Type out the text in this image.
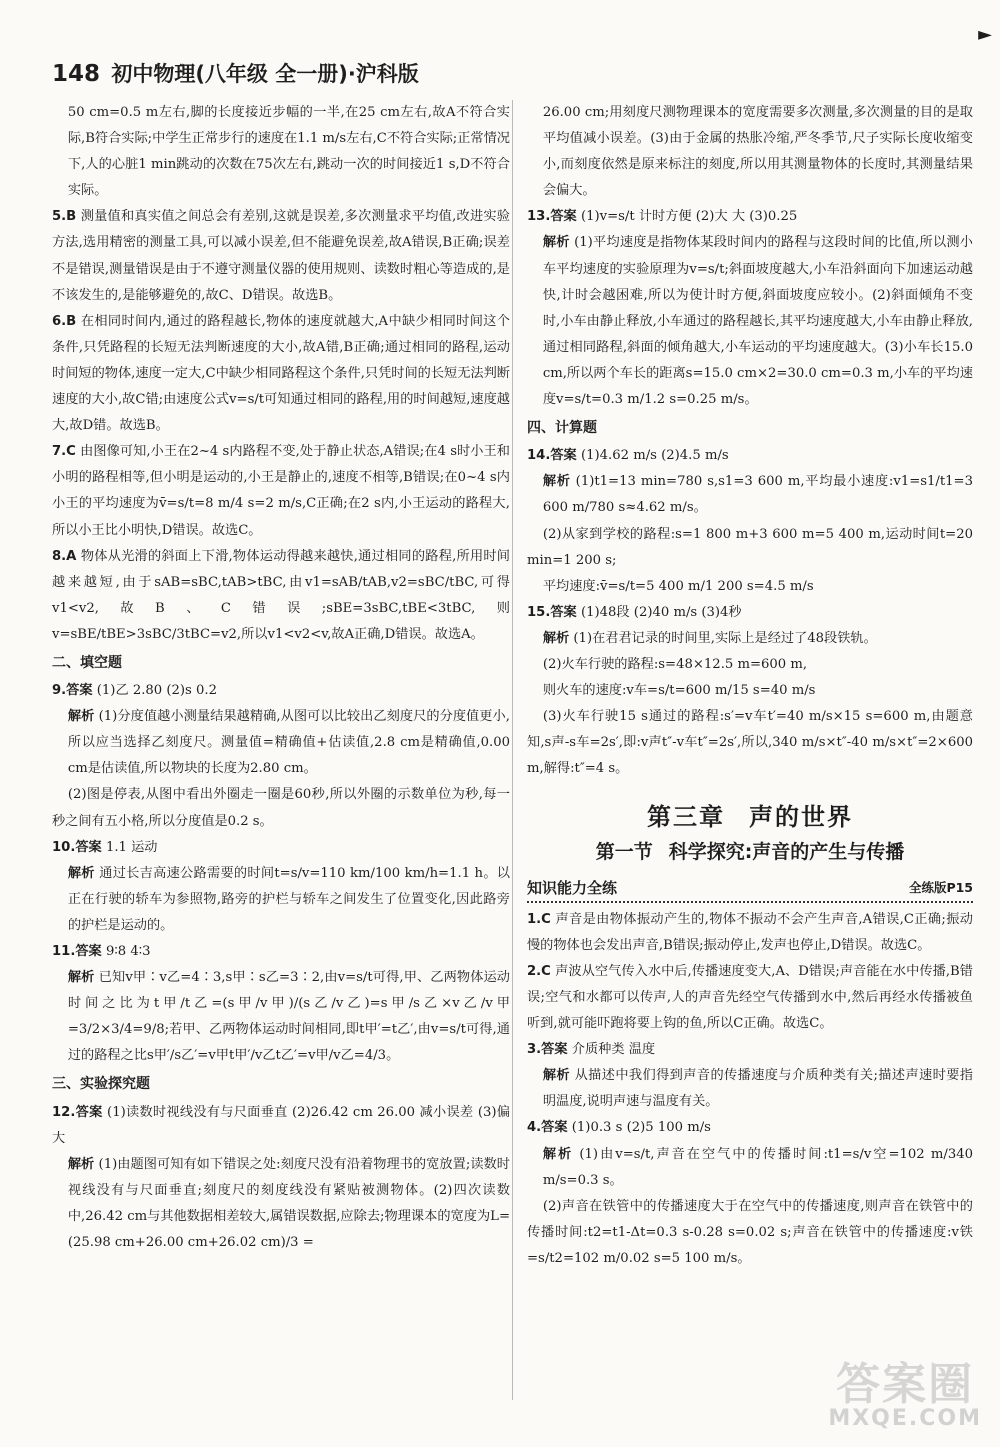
►
148 初中物理(八年级 全一册)·沪科版

50 cm=0.5 m左右,脚的长度接近步幅的一半,在25 cm左右,故A不符合实际,B符合实际;中学生正常步行的速度在1.1 m/s左右,C不符合实际;正常情况下,人的心脏1 min跳动的次数在75次左右,跳动一次的时间接近1 s,D不符合实际。

5.B 测量值和真实值之间总会有差别,这就是误差,多次测量求平均值,改进实验方法,选用精密的测量工具,可以减小误差,但不能避免误差,故A错误,B正确;误差不是错误,测量错误是由于不遵守测量仪器的使用规则、读数时粗心等造成的,是不该发生的,是能够避免的,故C、D错误。故选B。

6.B 在相同时间内,通过的路程越长,物体的速度就越大,A中缺少相同时间这个条件,只凭路程的长短无法判断速度的大小,故A错,B正确;通过相同的路程,运动时间短的物体,速度一定大,C中缺少相同路程这个条件,只凭时间的长短无法判断速度的大小,故C错;由速度公式v=s/t可知通过相同的路程,用的时间越短,速度越大,故D错。故选B。

7.C 由图像可知,小王在2~4 s内路程不变,处于静止状态,A错误;在4 s时小王和小明的路程相等,但小明是运动的,小王是静止的,速度不相等,B错误;在0~4 s内小王的平均速度为v̄=s/t=8 m/4 s=2 m/s,C正确;在2 s内,小王运动的路程大,所以小王比小明快,D错误。故选C。

8.A 物体从光滑的斜面上下滑,物体运动得越来越快,通过相同的路程,所用时间越来越短,由于sAB=sBC,tAB>tBC,由v1=sAB/tAB,v2=sBC/tBC,可得v1<v2,故B、C错误;sBE=3sBC,tBE<3tBC,则v=sBE/tBE>3sBC/3tBC=v2,所以v1<v2<v,故A正确,D错误。故选A。

二、填空题

9.答案 (1)乙 2.80 (2)s 0.2

解析 (1)分度值越小测量结果越精确,从图可以比较出乙刻度尺的分度值更小,所以应当选择乙刻度尺。测量值=精确值+估读值,2.8 cm是精确值,0.00 cm是估读值,所以物块的长度为2.80 cm。

(2)图是停表,从图中看出外圈走一圈是60秒,所以外圈的示数单位为秒,每一秒之间有五小格,所以分度值是0.2 s。

10.答案 1.1 运动

解析 通过长吉高速公路需要的时间t=s/v=110 km/100 km/h=1.1 h。以正在行驶的轿车为参照物,路旁的护栏与轿车之间发生了位置变化,因此路旁的护栏是运动的。

11.答案 9∶8 4∶3

解析 已知v甲∶v乙=4∶3,s甲∶s乙=3∶2,由v=s/t可得,甲、乙两物体运动时间之比为t甲/t乙=(s甲/v甲)/(s乙/v乙)=s甲/s乙×v乙/v甲=3/2×3/4=9/8;若甲、乙两物体运动时间相同,即t甲′=t乙′,由v=s/t可得,通过的路程之比s甲′/s乙′=v甲t甲′/v乙t乙′=v甲/v乙=4/3。

三、实验探究题

12.答案 (1)读数时视线没有与尺面垂直 (2)26.42 cm 26.00 减小误差 (3)偏大

解析 (1)由题图可知有如下错误之处:刻度尺没有沿着物理书的宽放置;读数时视线没有与尺面垂直;刻度尺的刻度线没有紧贴被测物体。(2)四次读数中,26.42 cm与其他数据相差较大,属错误数据,应除去;物理课本的宽度为L=(25.98 cm+26.00 cm+26.02 cm)/3 =

26.00 cm;用刻度尺测物理课本的宽度需要多次测量,多次测量的目的是取平均值减小误差。(3)由于金属的热胀冷缩,严冬季节,尺子实际长度收缩变小,而刻度依然是原来标注的刻度,所以用其测量物体的长度时,其测量结果会偏大。

13.答案 (1)v=s/t 计时方便 (2)大 大 (3)0.25

解析 (1)平均速度是指物体某段时间内的路程与这段时间的比值,所以测小车平均速度的实验原理为v=s/t;斜面坡度越大,小车沿斜面向下加速运动越快,计时会越困难,所以为使计时方便,斜面坡度应较小。(2)斜面倾角不变时,小车由静止释放,小车通过的路程越长,其平均速度越大,小车由静止释放,通过相同路程,斜面的倾角越大,小车运动的平均速度越大。(3)小车长15.0 cm,所以两个车长的距离s=15.0 cm×2=30.0 cm=0.3 m,小车的平均速度v=s/t=0.3 m/1.2 s=0.25 m/s。

四、计算题

14.答案 (1)4.62 m/s (2)4.5 m/s

解析 (1)t1=13 min=780 s,s1=3 600 m,平均最小速度:v1=s1/t1=3 600 m/780 s≈4.62 m/s。

(2)从家到学校的路程:s=1 800 m+3 600 m=5 400 m,运动时间t=20 min=1 200 s;

平均速度:v̄=s/t=5 400 m/1 200 s=4.5 m/s

15.答案 (1)48段 (2)40 m/s (3)4秒

解析 (1)在君君记录的时间里,实际上是经过了48段铁轨。

(2)火车行驶的路程:s=48×12.5 m=600 m,

则火车的速度:v车=s/t=600 m/15 s=40 m/s

(3)火车行驶15 s通过的路程:s′=v车t′=40 m/s×15 s=600 m,由题意知,s声-s车=2s′,即:v声t″-v车t″=2s′,所以,340 m/s×t″-40 m/s×t″=2×600 m,解得:t″=4 s。

第三章 声的世界
第一节 科学探究:声音的产生与传播
知识能力全练	全练版P15

1.C 声音是由物体振动产生的,物体不振动不会产生声音,A错误,C正确;振动慢的物体也会发出声音,B错误;振动停止,发声也停止,D错误。故选C。

2.C 声波从空气传入水中后,传播速度变大,A、D错误;声音能在水中传播,B错误;空气和水都可以传声,人的声音先经空气传播到水中,然后再经水传播被鱼听到,就可能吓跑将要上钩的鱼,所以C正确。故选C。

3.答案 介质种类 温度

解析 从描述中我们得到声音的传播速度与介质种类有关;描述声速时要指明温度,说明声速与温度有关。

4.答案 (1)0.3 s (2)5 100 m/s

解析 (1)由v=s/t,声音在空气中的传播时间:t1=s/v空=102 m/340 m/s=0.3 s。

(2)声音在铁管中的传播速度大于在空气中的传播速度,则声音在铁管中的传播时间:t2=t1-Δt=0.3 s-0.28 s=0.02 s;声音在铁管中的传播速度:v铁=s/t2=102 m/0.02 s=5 100 m/s。

答案圈
MXQE.COM
